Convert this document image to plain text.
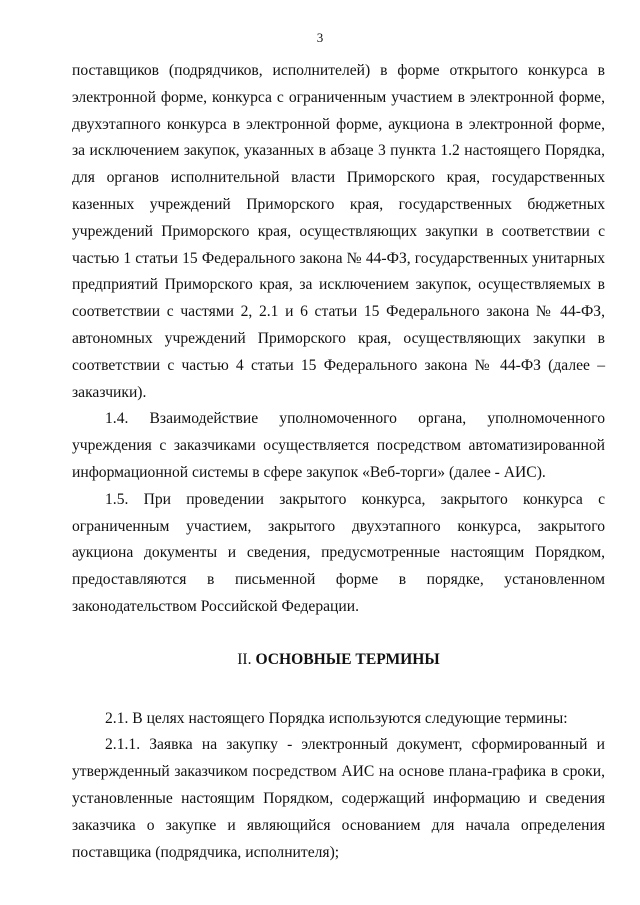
3

поставщиков (подрядчиков, исполнителей) в форме открытого конкурса в электронной форме, конкурса с ограниченным участием в электронной форме, двухэтапного конкурса в электронной форме, аукциона в электронной форме, за исключением закупок, указанных в абзаце 3 пункта 1.2 настоящего Порядка, для органов исполнительной власти Приморского края, государственных казенных учреждений Приморского края, государственных бюджетных учреждений Приморского края, осуществляющих закупки в соответствии с частью 1 статьи 15 Федерального закона № 44-ФЗ, государственных унитарных предприятий Приморского края, за исключением закупок, осуществляемых в соответствии с частями 2, 2.1 и 6 статьи 15 Федерального закона № 44-ФЗ, автономных учреждений Приморского края, осуществляющих закупки в соответствии с частью 4 статьи 15 Федерального закона № 44-ФЗ (далее – заказчики).

1.4. Взаимодействие уполномоченного органа, уполномоченного учреждения с заказчиками осуществляется посредством автоматизированной информационной системы в сфере закупок «Веб-торги» (далее - АИС).

1.5. При проведении закрытого конкурса, закрытого конкурса с ограниченным участием, закрытого двухэтапного конкурса, закрытого аукциона документы и сведения, предусмотренные настоящим Порядком, предоставляются в письменной форме в порядке, установленном законодательством Российской Федерации.

II. ОСНОВНЫЕ ТЕРМИНЫ

2.1. В целях настоящего Порядка используются следующие термины:

2.1.1. Заявка на закупку - электронный документ, сформированный и утвержденный заказчиком посредством АИС на основе плана-графика в сроки, установленные настоящим Порядком, содержащий информацию и сведения заказчика о закупке и являющийся основанием для начала определения поставщика (подрядчика, исполнителя);
